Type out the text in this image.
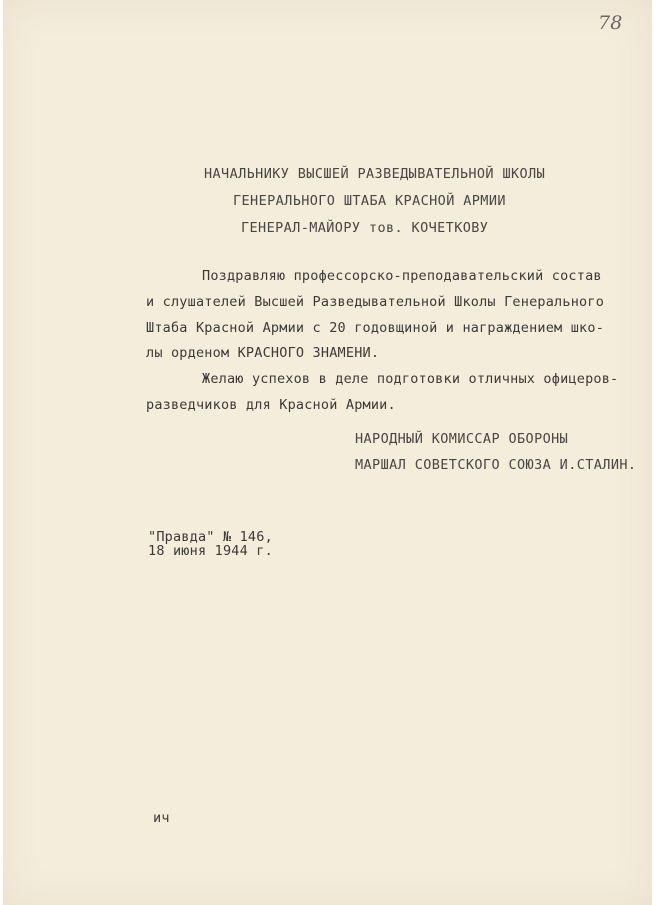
78
НАЧАЛЬНИКУ ВЫСШЕЙ РАЗВЕДЫВАТЕЛЬНОЙ ШКОЛЫ
ГЕНЕРАЛЬНОГО ШТАБА КРАСНОЙ АРМИИ
ГЕНЕРАЛ-МАЙОРУ тов. КОЧЕТКОВУ
Поздравляю профессорско-преподавательский состав
и слушателей Высшей Разведывательной Школы Генерального
Штаба Красной Армии с 20 годовщиной и награждением шко-
лы орденом КРАСНОГО ЗНАМЕНИ.
Желаю успехов в деле подготовки отличных офицеров-
разведчиков для Красной Армии.
НАРОДНЫЙ КОМИССАР ОБОРОНЫ
МАРШАЛ СОВЕТСКОГО СОЮЗА И.СТАЛИН.
"Правда" № 146,
18 июня 1944 г.
ич
